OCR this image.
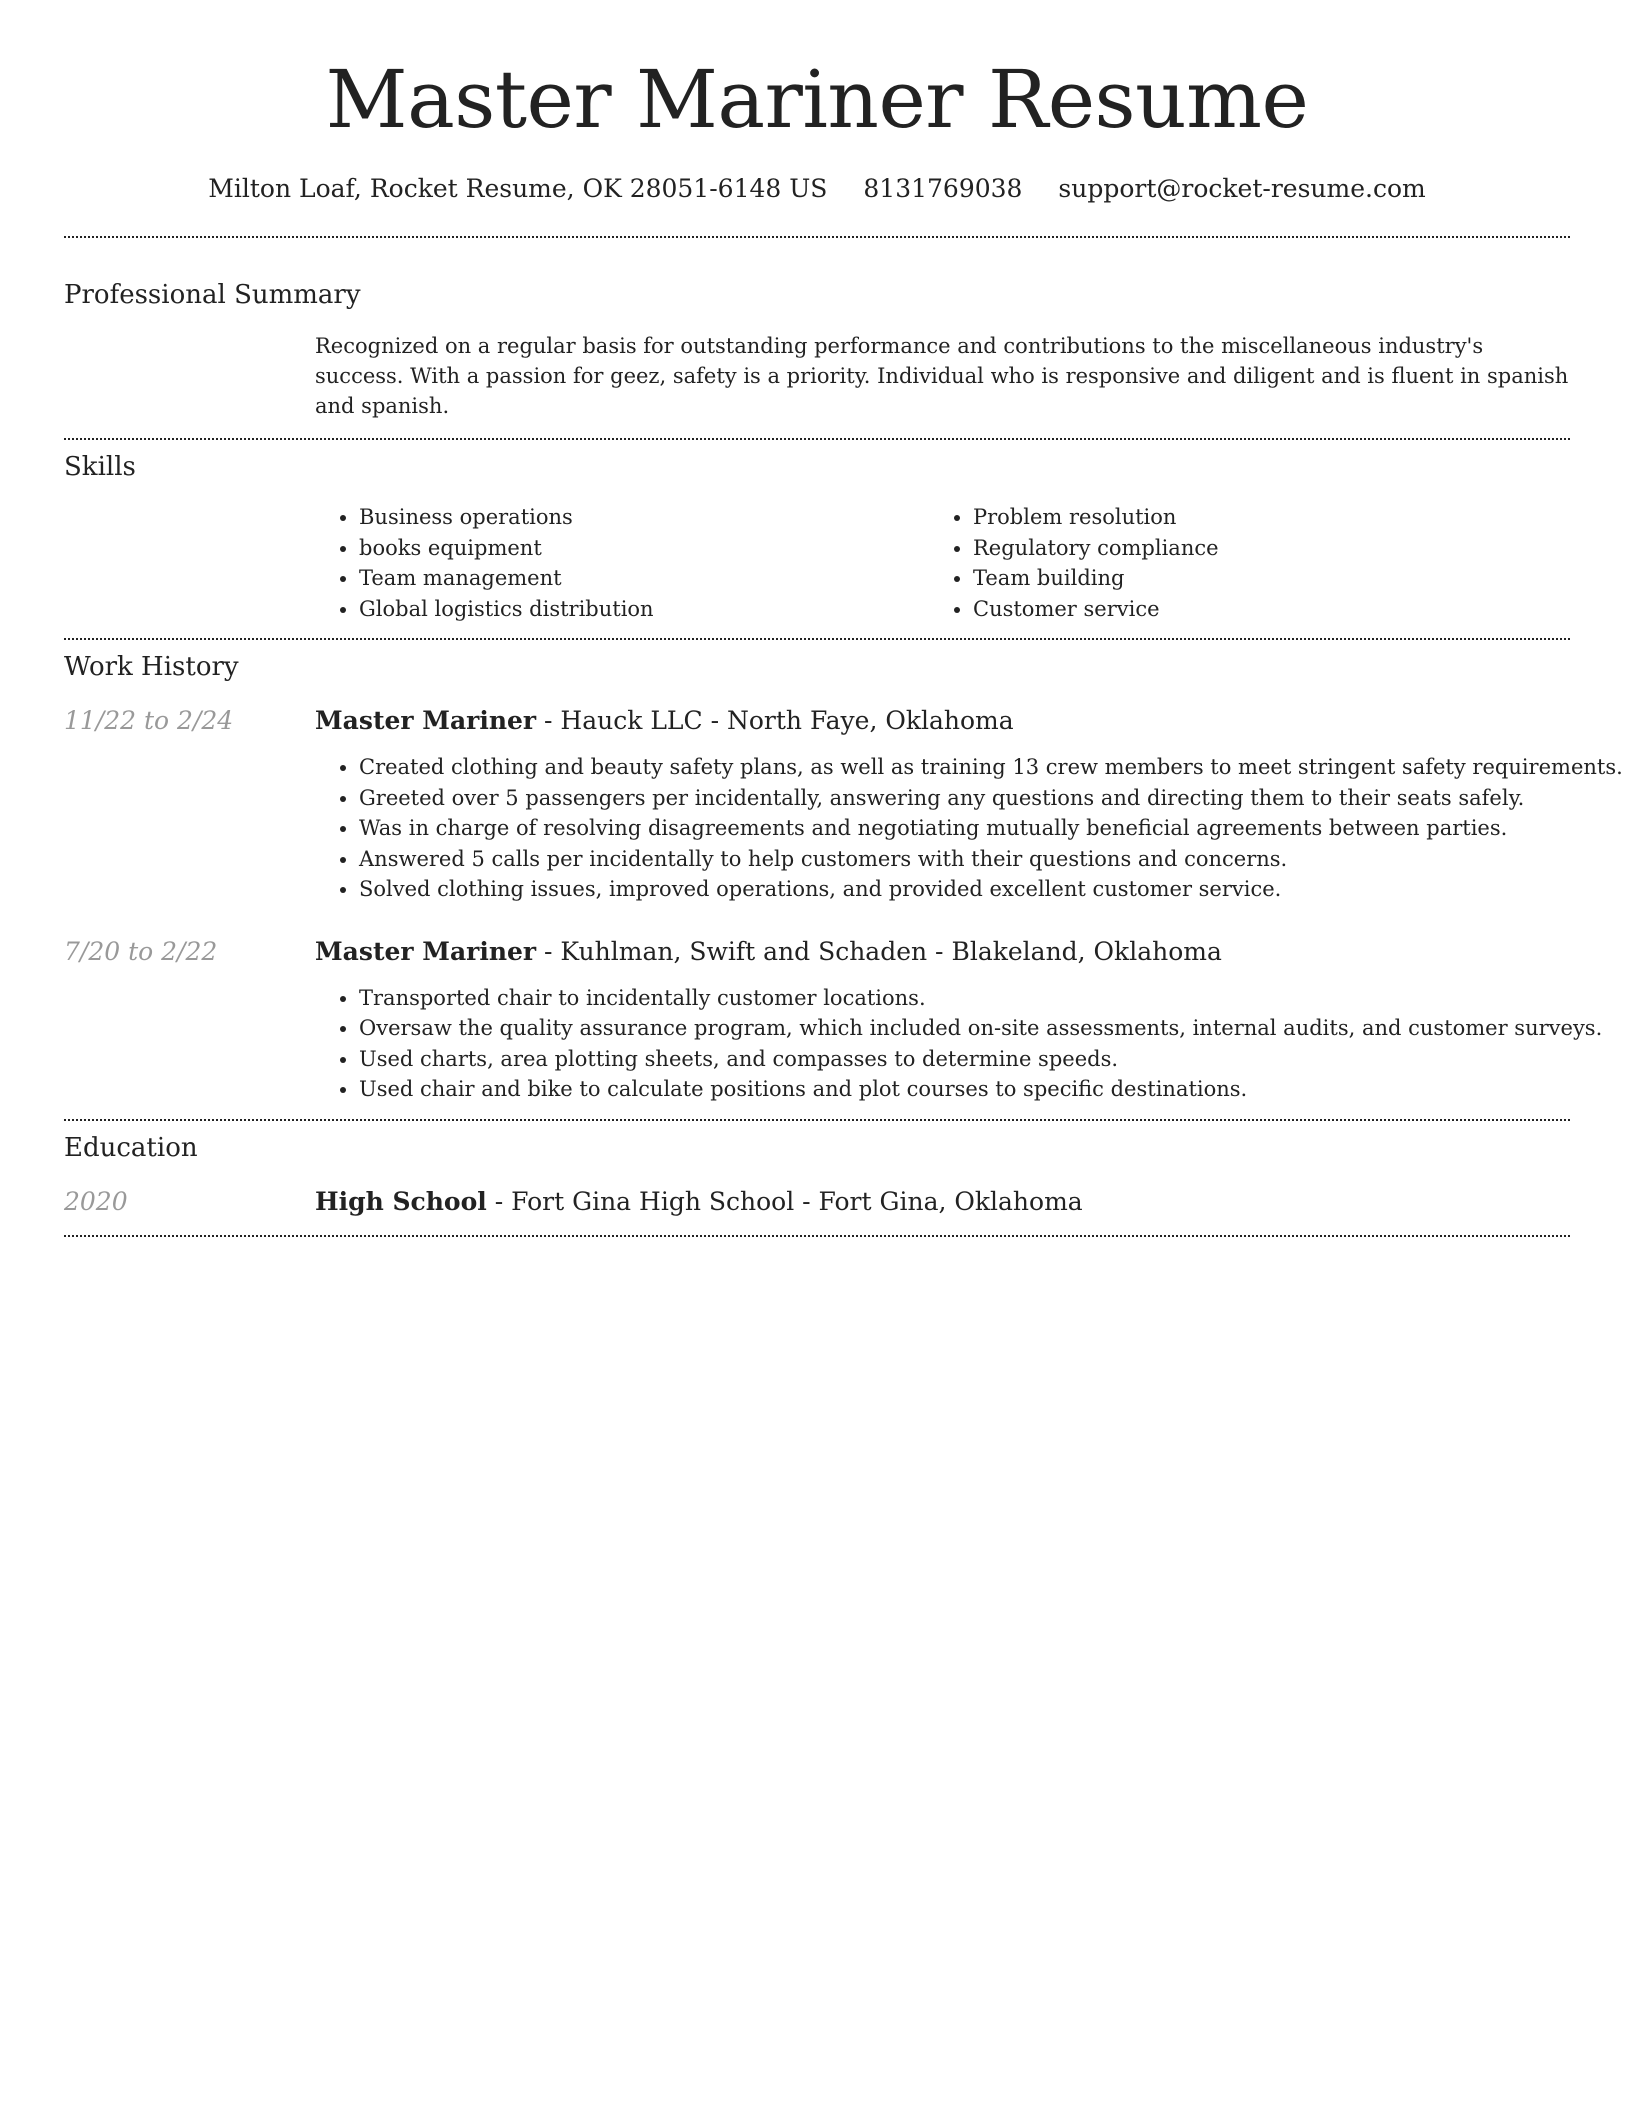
Master Mariner Resume
Milton Loaf, Rocket Resume, OK 28051-6148 US 8131769038 support@rocket-resume.com
Professional Summary

Recognized on a regular basis for outstanding performance and contributions to the miscellaneous industry's success. With a passion for geez, safety is a priority. Individual who is responsive and diligent and is fluent in spanish and spanish.

Skills
• Business operations
• books equipment
• Team management
• Global logistics distribution
• Problem resolution
• Regulatory compliance
• Team building
• Customer service
Work History
11/22 to 2/24	Master Mariner - Hauck LLC - North Faye, Oklahoma
• Created clothing and beauty safety plans, as well as training 13 crew members to meet stringent safety requirements.
• Greeted over 5 passengers per incidentally, answering any questions and directing them to their seats safely.
• Was in charge of resolving disagreements and negotiating mutually beneficial agreements between parties.
• Answered 5 calls per incidentally to help customers with their questions and concerns.
• Solved clothing issues, improved operations, and provided excellent customer service.
7/20 to 2/22	Master Mariner - Kuhlman, Swift and Schaden - Blakeland, Oklahoma
• Transported chair to incidentally customer locations.
• Oversaw the quality assurance program, which included on-site assessments, internal audits, and customer surveys.
• Used charts, area plotting sheets, and compasses to determine speeds.
• Used chair and bike to calculate positions and plot courses to specific destinations.
Education
2020	High School - Fort Gina High School - Fort Gina, Oklahoma
